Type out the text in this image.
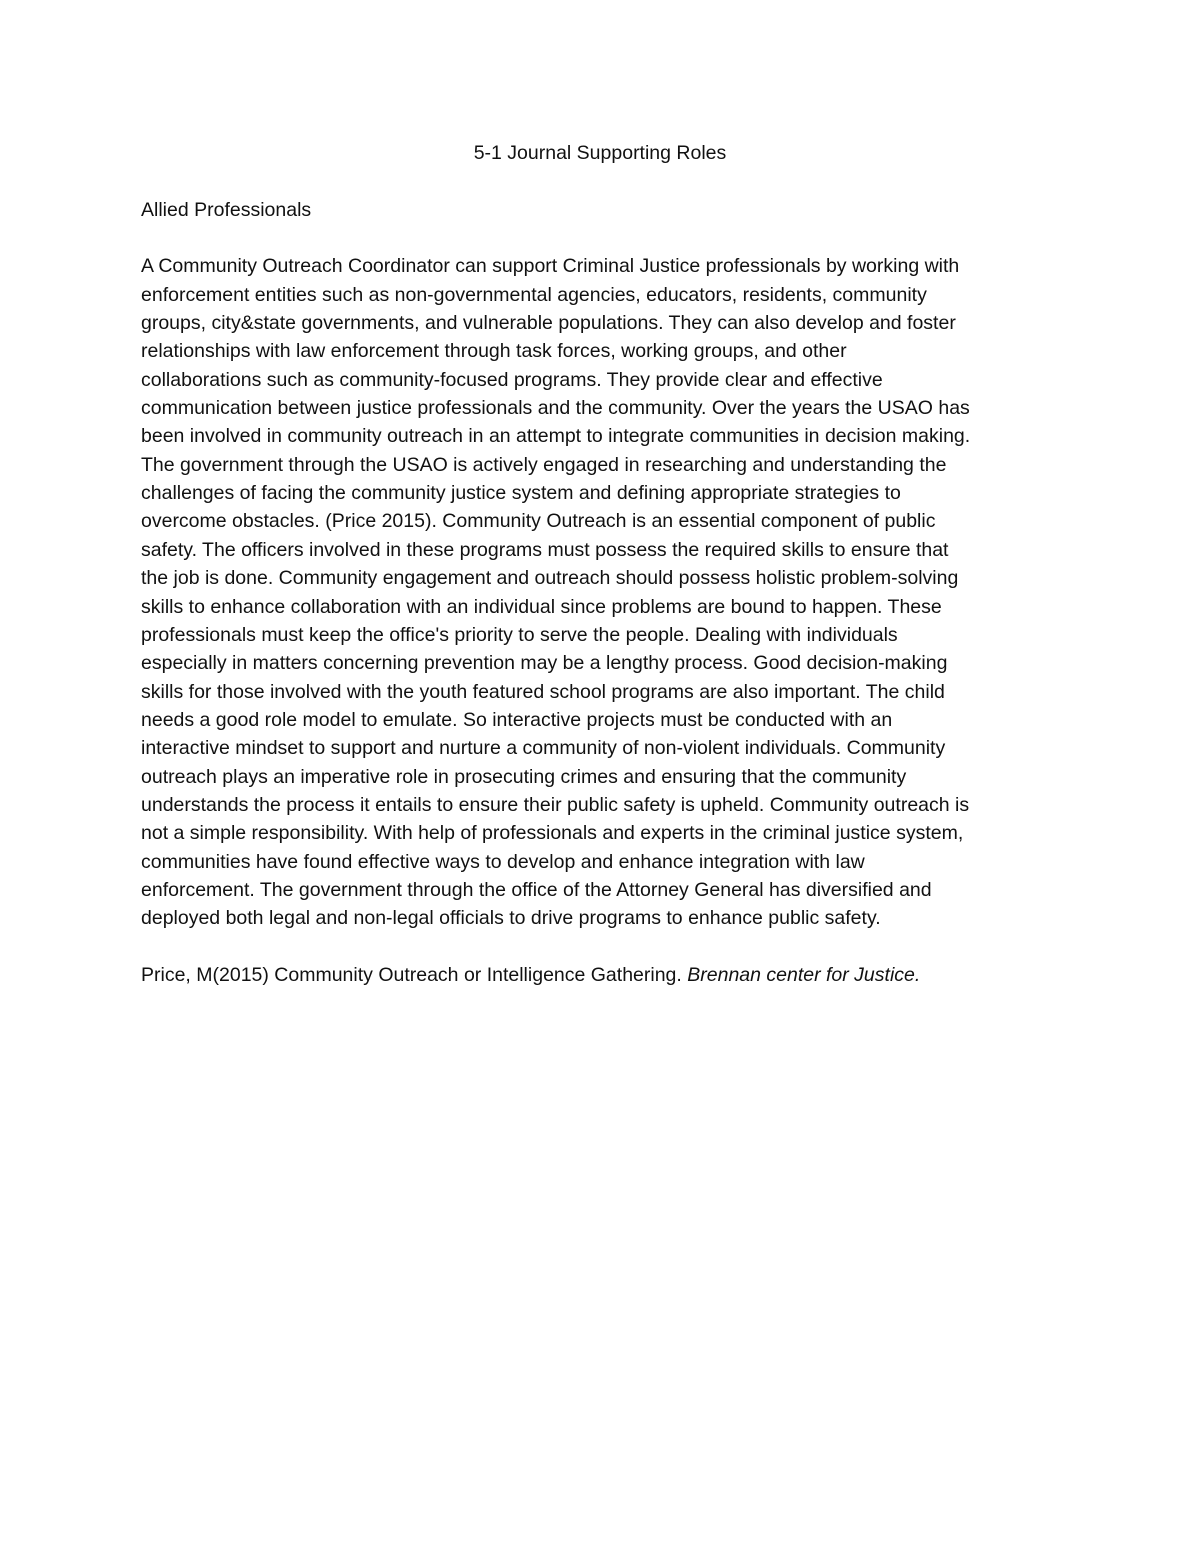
5-1 Journal Supporting Roles
Allied Professionals
A Community Outreach Coordinator can support Criminal Justice professionals by working with
enforcement entities such as non-governmental agencies, educators, residents, community
groups, city&state governments, and vulnerable populations. They can also develop and foster
relationships with law enforcement through task forces, working groups, and other
collaborations such as community-focused programs. They provide clear and effective
communication between justice professionals and the community. Over the years the USAO has
been involved in community outreach in an attempt to integrate communities in decision making.
The government through the USAO is actively engaged in researching and understanding the
challenges of facing the community justice system and defining appropriate strategies to
overcome obstacles. (Price 2015). Community Outreach is an essential component of public
safety. The officers involved in these programs must possess the required skills to ensure that
the job is done. Community engagement and outreach should possess holistic problem-solving
skills to enhance collaboration with an individual since problems are bound to happen. These
professionals must keep the office's priority to serve the people. Dealing with individuals
especially in matters concerning prevention may be a lengthy process. Good decision-making
skills for those involved with the youth featured school programs are also important. The child
needs a good role model to emulate. So interactive projects must be conducted with an
interactive mindset to support and nurture a community of non-violent individuals. Community
outreach plays an imperative role in prosecuting crimes and ensuring that the community
understands the process it entails to ensure their public safety is upheld. Community outreach is
not a simple responsibility. With help of professionals and experts in the criminal justice system,
communities have found effective ways to develop and enhance integration with law
enforcement. The government through the office of the Attorney General has diversified and
deployed both legal and non-legal officials to drive programs to enhance public safety.
Price, M(2015) Community Outreach or Intelligence Gathering. Brennan center for Justice.
